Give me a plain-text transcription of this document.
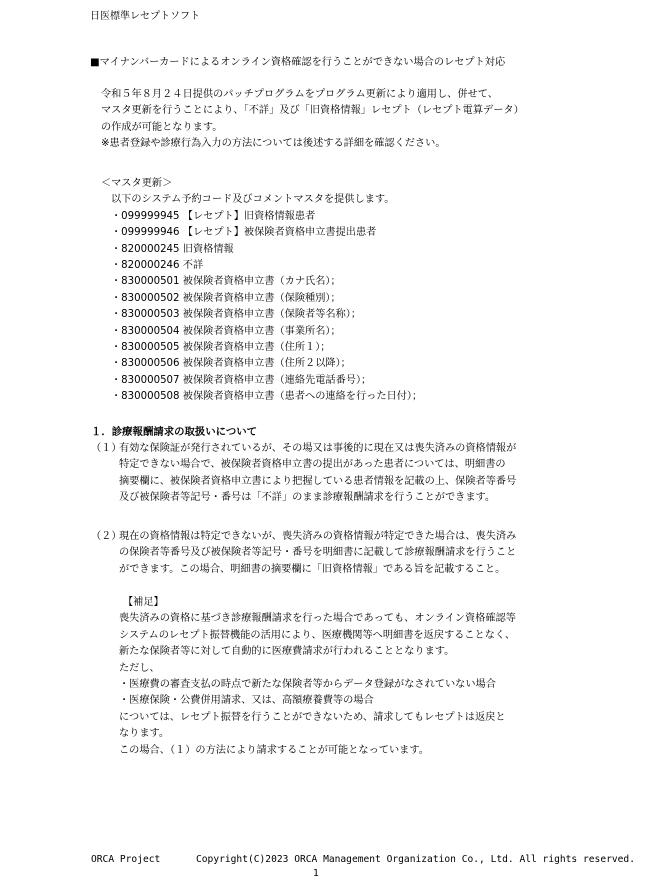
日医標準レセプトソフト
■マイナンバーカードによるオンライン資格確認を行うことができない場合のレセプト対応
令和５年８月２４日提供のパッチプログラムをプログラム更新により適用し、併せて、
マスタ更新を行うことにより、「不詳」及び「旧資格情報」レセプト（レセプト電算データ）
の作成が可能となります。
※患者登録や診療行為入力の方法については後述する詳細を確認ください。
＜マスタ更新＞
以下のシステム予約コード及びコメントマスタを提供します。
・099999945 【レセプト】旧資格情報患者
・099999946 【レセプト】被保険者資格申立書提出患者
・820000245 旧資格情報
・820000246 不詳
・830000501 被保険者資格申立書（カナ氏名）；
・830000502 被保険者資格申立書（保険種別）；
・830000503 被保険者資格申立書（保険者等名称）；
・830000504 被保険者資格申立書（事業所名）；
・830000505 被保険者資格申立書（住所１）；
・830000506 被保険者資格申立書（住所２以降）；
・830000507 被保険者資格申立書（連絡先電話番号）；
・830000508 被保険者資格申立書（患者への連絡を行った日付）；
１．診療報酬請求の取扱いについて
（１）
有効な保険証が発行されているが、その場又は事後的に現在又は喪失済みの資格情報が
特定できない場合で、被保険者資格申立書の提出があった患者については、明細書の
摘要欄に、被保険者資格申立書により把握している患者情報を記載の上、保険者等番号
及び被保険者等記号・番号は「不詳」のまま診療報酬請求を行うことができます。
（２）
現在の資格情報は特定できないが、喪失済みの資格情報が特定できた場合は、喪失済み
の保険者等番号及び被保険者等記号・番号を明細書に記載して診療報酬請求を行うこと
ができます。この場合、明細書の摘要欄に「旧資格情報」である旨を記載すること。
【補足】
喪失済みの資格に基づき診療報酬請求を行った場合であっても、オンライン資格確認等
システムのレセプト振替機能の活用により、医療機関等へ明細書を返戻することなく、
新たな保険者等に対して自動的に医療費請求が行われることとなります。
ただし、
・医療費の審査支払の時点で新たな保険者等からデータ登録がなされていない場合
・医療保険・公費併用請求、又は、高額療養費等の場合
については、レセプト振替を行うことができないため、請求してもレセプトは返戻と
なります。
この場合、（１）の方法により請求することが可能となっています。
ORCA Project	Copyright(C)2023 ORCA Management Organization Co., Ltd. All rights reserved.
1
